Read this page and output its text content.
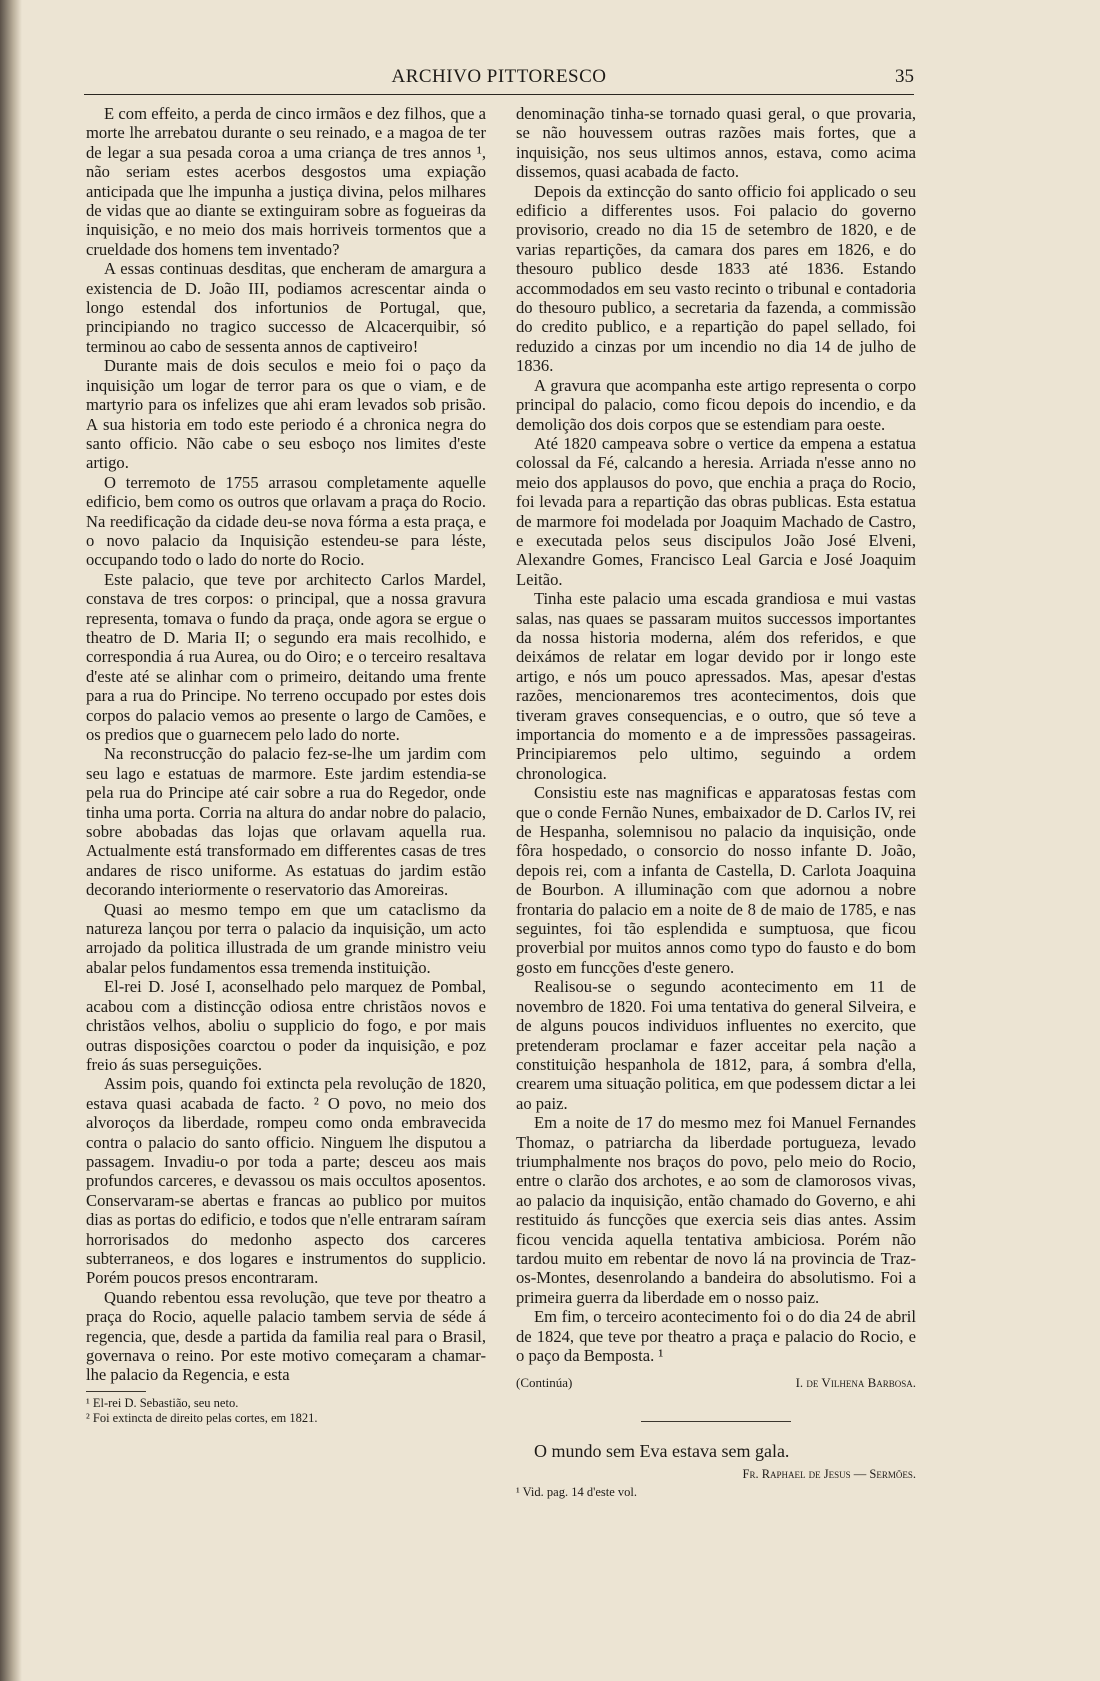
ARCHIVO PITTORESCO	35

E com effeito, a perda de cinco irmãos e dez filhos, que a morte lhe arrebatou durante o seu reinado, e a magoa de ter de legar a sua pesada coroa a uma criança de tres annos ¹, não seriam estes acerbos desgostos uma expiação anticipada que lhe impunha a justiça divina, pelos milhares de vidas que ao diante se extinguiram sobre as fogueiras da inquisição, e no meio dos mais horriveis tormentos que a crueldade dos homens tem inventado?

A essas continuas desditas, que encheram de amargura a existencia de D. João III, podiamos acrescentar ainda o longo estendal dos infortunios de Portugal, que, principiando no tragico successo de Alcacerquibir, só terminou ao cabo de sessenta annos de captiveiro!

Durante mais de dois seculos e meio foi o paço da inquisição um logar de terror para os que o viam, e de martyrio para os infelizes que ahi eram levados sob prisão. A sua historia em todo este periodo é a chronica negra do santo officio. Não cabe o seu esboço nos limites d'este artigo.

O terremoto de 1755 arrasou completamente aquelle edificio, bem como os outros que orlavam a praça do Rocio. Na reedificação da cidade deu-se nova fórma a esta praça, e o novo palacio da Inquisição estendeu-se para léste, occupando todo o lado do norte do Rocio.

Este palacio, que teve por architecto Carlos Mardel, constava de tres corpos: o principal, que a nossa gravura representa, tomava o fundo da praça, onde agora se ergue o theatro de D. Maria II; o segundo era mais recolhido, e correspondia á rua Aurea, ou do Oiro; e o terceiro resaltava d'este até se alinhar com o primeiro, deitando uma frente para a rua do Principe. No terreno occupado por estes dois corpos do palacio vemos ao presente o largo de Camões, e os predios que o guarnecem pelo lado do norte.

Na reconstrucção do palacio fez-se-lhe um jardim com seu lago e estatuas de marmore. Este jardim estendia-se pela rua do Principe até cair sobre a rua do Regedor, onde tinha uma porta. Corria na altura do andar nobre do palacio, sobre abobadas das lojas que orlavam aquella rua. Actualmente está transformado em differentes casas de tres andares de risco uniforme. As estatuas do jardim estão decorando interiormente o reservatorio das Amoreiras.

Quasi ao mesmo tempo em que um cataclismo da natureza lançou por terra o palacio da inquisição, um acto arrojado da politica illustrada de um grande ministro veiu abalar pelos fundamentos essa tremenda instituição.

El-rei D. José I, aconselhado pelo marquez de Pombal, acabou com a distincção odiosa entre christãos novos e christãos velhos, aboliu o supplicio do fogo, e por mais outras disposições coarctou o poder da inquisição, e poz freio ás suas perseguições.

Assim pois, quando foi extincta pela revolução de 1820, estava quasi acabada de facto. ² O povo, no meio dos alvoroços da liberdade, rompeu como onda embravecida contra o palacio do santo officio. Ninguem lhe disputou a passagem. Invadiu-o por toda a parte; desceu aos mais profundos carceres, e devassou os mais occultos aposentos. Conservaram-se abertas e francas ao publico por muitos dias as portas do edificio, e todos que n'elle entraram saíram horrorisados do medonho aspecto dos carceres subterraneos, e dos logares e instrumentos do supplicio. Porém poucos presos encontraram.

Quando rebentou essa revolução, que teve por theatro a praça do Rocio, aquelle palacio tambem servia de séde á regencia, que, desde a partida da familia real para o Brasil, governava o reino. Por este motivo começaram a chamar-lhe palacio da Regencia, e esta

¹ El-rei D. Sebastião, seu neto.

² Foi extincta de direito pelas cortes, em 1821.

denominação tinha-se tornado quasi geral, o que provaria, se não houvessem outras razões mais fortes, que a inquisição, nos seus ultimos annos, estava, como acima dissemos, quasi acabada de facto.

Depois da extincção do santo officio foi applicado o seu edificio a differentes usos. Foi palacio do governo provisorio, creado no dia 15 de setembro de 1820, e de varias repartições, da camara dos pares em 1826, e do thesouro publico desde 1833 até 1836. Estando accommodados em seu vasto recinto o tribunal e contadoria do thesouro publico, a secretaria da fazenda, a commissão do credito publico, e a repartição do papel sellado, foi reduzido a cinzas por um incendio no dia 14 de julho de 1836.

A gravura que acompanha este artigo representa o corpo principal do palacio, como ficou depois do incendio, e da demolição dos dois corpos que se estendiam para oeste.

Até 1820 campeava sobre o vertice da empena a estatua colossal da Fé, calcando a heresia. Arriada n'esse anno no meio dos applausos do povo, que enchia a praça do Rocio, foi levada para a repartição das obras publicas. Esta estatua de marmore foi modelada por Joaquim Machado de Castro, e executada pelos seus discipulos João José Elveni, Alexandre Gomes, Francisco Leal Garcia e José Joaquim Leitão.

Tinha este palacio uma escada grandiosa e mui vastas salas, nas quaes se passaram muitos successos importantes da nossa historia moderna, além dos referidos, e que deixámos de relatar em logar devido por ir longo este artigo, e nós um pouco apressados. Mas, apesar d'estas razões, mencionaremos tres acontecimentos, dois que tiveram graves consequencias, e o outro, que só teve a importancia do momento e a de impressões passageiras. Principiaremos pelo ultimo, seguindo a ordem chronologica.

Consistiu este nas magnificas e apparatosas festas com que o conde Fernão Nunes, embaixador de D. Carlos IV, rei de Hespanha, solemnisou no palacio da inquisição, onde fôra hospedado, o consorcio do nosso infante D. João, depois rei, com a infanta de Castella, D. Carlota Joaquina de Bourbon. A illuminação com que adornou a nobre frontaria do palacio em a noite de 8 de maio de 1785, e nas seguintes, foi tão esplendida e sumptuosa, que ficou proverbial por muitos annos como typo do fausto e do bom gosto em funcções d'este genero.

Realisou-se o segundo acontecimento em 11 de novembro de 1820. Foi uma tentativa do general Silveira, e de alguns poucos individuos influentes no exercito, que pretenderam proclamar e fazer acceitar pela nação a constituição hespanhola de 1812, para, á sombra d'ella, crearem uma situação politica, em que podessem dictar a lei ao paiz.

Em a noite de 17 do mesmo mez foi Manuel Fernandes Thomaz, o patriarcha da liberdade portugueza, levado triumphalmente nos braços do povo, pelo meio do Rocio, entre o clarão dos archotes, e ao som de clamorosos vivas, ao palacio da inquisição, então chamado do Governo, e ahi restituido ás funcções que exercia seis dias antes. Assim ficou vencida aquella tentativa ambiciosa. Porém não tardou muito em rebentar de novo lá na provincia de Traz-os-Montes, desenrolando a bandeira do absolutismo. Foi a primeira guerra da liberdade em o nosso paiz.

Em fim, o terceiro acontecimento foi o do dia 24 de abril de 1824, que teve por theatro a praça e palacio do Rocio, e o paço da Bemposta. ¹

(Continúa)	I. de Vilhena Barbosa.

O mundo sem Eva estava sem gala.

Fr. Raphael de Jesus — Sermões.

¹ Vid. pag. 14 d'este vol.
